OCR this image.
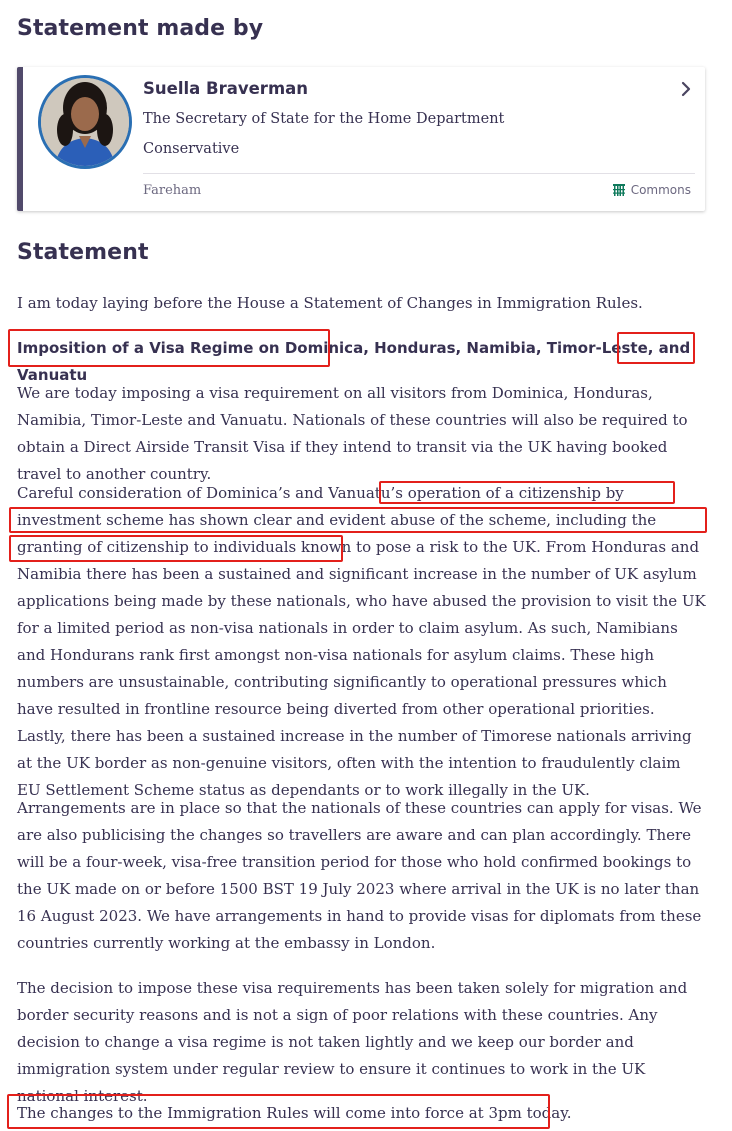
Statement made by
Suella Braverman
The Secretary of State for the Home Department
Conservative
Fareham	Commons
Statement
I am today laying before the House a Statement of Changes in Immigration Rules.
Imposition of a Visa Regime on Dominica, Honduras, Namibia, Timor-Leste, and Vanuatu
We are today imposing a visa requirement on all visitors from Dominica, Honduras, Namibia, Timor-Leste and Vanuatu. Nationals of these countries will also be required to obtain a Direct Airside Transit Visa if they intend to transit via the UK having booked travel to another country.
Careful consideration of Dominica’s and Vanuatu’s operation of a citizenship by investment scheme has shown clear and evident abuse of the scheme, including the granting of citizenship to individuals known to pose a risk to the UK. From Honduras and Namibia there has been a sustained and significant increase in the number of UK asylum applications being made by these nationals, who have abused the provision to visit the UK for a limited period as non-visa nationals in order to claim asylum. As such, Namibians and Hondurans rank first amongst non-visa nationals for asylum claims. These high numbers are unsustainable, contributing significantly to operational pressures which have resulted in frontline resource being diverted from other operational priorities. Lastly, there has been a sustained increase in the number of Timorese nationals arriving at the UK border as non-genuine visitors, often with the intention to fraudulently claim EU Settlement Scheme status as dependants or to work illegally in the UK.
Arrangements are in place so that the nationals of these countries can apply for visas. We are also publicising the changes so travellers are aware and can plan accordingly. There will be a four-week, visa-free transition period for those who hold confirmed bookings to the UK made on or before 1500 BST 19 July 2023 where arrival in the UK is no later than 16 August 2023. We have arrangements in hand to provide visas for diplomats from these countries currently working at the embassy in London.
The decision to impose these visa requirements has been taken solely for migration and border security reasons and is not a sign of poor relations with these countries. Any decision to change a visa regime is not taken lightly and we keep our border and immigration system under regular review to ensure it continues to work in the UK national interest.
The changes to the Immigration Rules will come into force at 3pm today.
